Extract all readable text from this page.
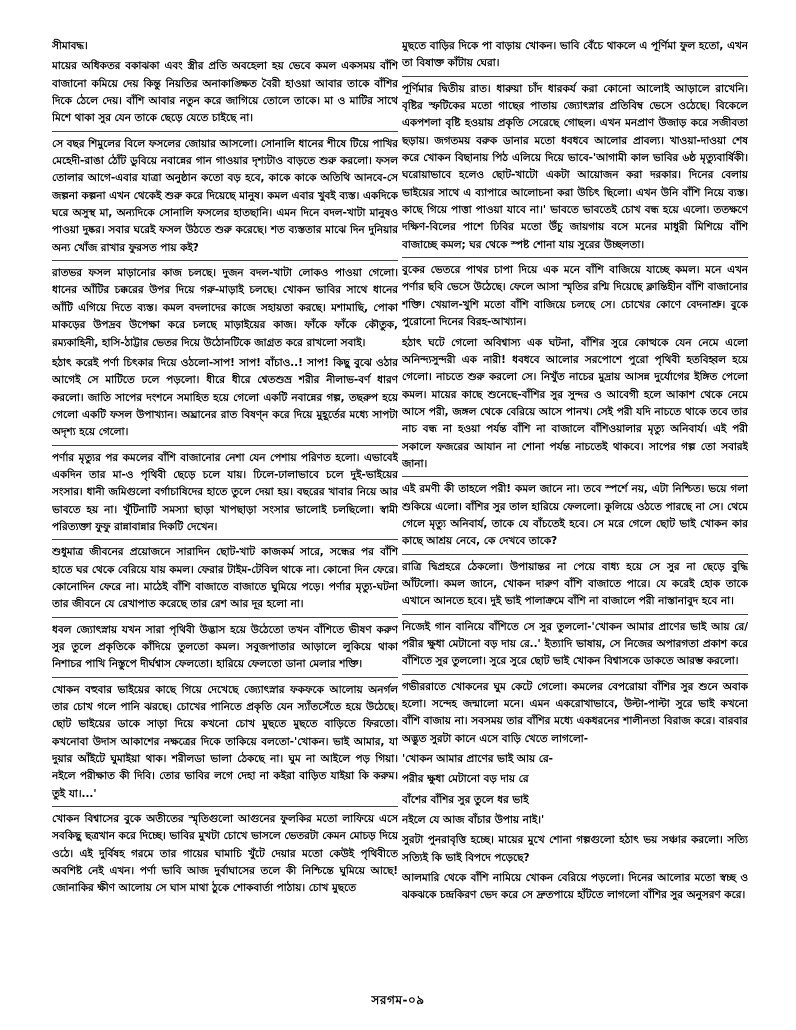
সীমাবদ্ধ।

মায়ের অধিকতর বকাঝকা এবং স্ত্রীর প্রতি অবহেলা হয় ভেবে কমল একসময় বাঁশি বাজানো কমিয়ে দেয় কিন্তু নিয়তির অনাকাঙ্ক্ষিত বৈরী হাওয়া আবার তাকে বাঁশির দিকে ঠেলে দেয়। বাঁশি আবার নতুন করে জাগিয়ে তোলে তাকে। মা ও মাটির সাথে মিশে থাকা সুর যেন তাকে ছেড়ে যেতে চাইছে না।

সে বছর শিমুলের বিলে ফসলের জোয়ার আসলো। সোনালি ধানের শীষে টিয়ে পাখির মেহেদী-রাঙা ঠোঁট ডুবিয়ে নবান্নের গান গাওয়ার দৃশ্যটাও বাড়তে শুরু করলো। ফসল তোলার আগে-এবার যাত্রা অনুষ্ঠান কতো বড় হবে, কাকে কাকে অতিথি আনবে-সে জল্পনা কল্পনা এখন থেকেই শুরু করে দিয়েছে মানুষ। কমল এবার খুবই ব্যস্ত। একদিকে ঘরে অসুস্থ মা, অন্যদিকে সোনালি ফসলের হাতছানি। এমন দিনে বদল-খাটা মানুষও পাওয়া দুষ্কর। সবার ঘরেই ফসল উঠতে শুরু করেছে। শত ব্যস্ততার মাঝে দিন দুনিয়ার অন্য খোঁজ রাখার ফুরসত পায় কই?

রাতভর ফসল মাড়ানোর কাজ চলছে। দুজন বদল-খাটা লোকও পাওয়া গেলো। ধানের আঁটির চক্করের উপর দিয়ে গরু-মাড়াই চলছে। খোকন ভাবির সাথে ধানের আঁটি এগিয়ে দিতে ব্যস্ত। কমল বদলাদের কাজে সহায়তা করছে। মশামাছি, পোকা মাকড়ের উপদ্রব উপেক্ষা করে চলছে মাড়াইয়ের কাজ। ফাঁকে ফাঁকে কৌতুক, রম্যকাহিনী, হাসি-ঠাট্টার ভেতর দিয়ে উঠোনটিকে জাগ্রত করে রাখলো সবাই।

হঠাৎ করেই পর্ণা চিৎকার দিয়ে ওঠলো-সাপ! সাপ! বাঁচাও..! সাপ! কিছু বুঝে ওঠার আগেই সে মাটিতে ঢলে পড়লো। ধীরে ধীরে শ্বেতশুভ্র শরীর নীলাভ-বর্ণ ধারণ করলো। জাতি সাপের দংশনে সমাহিত হয়ে গেলো একটি নবান্নের গল্প, তছরুপ হয়ে গেলো একটি ফসল উপাখ্যান। অঘ্রানের রাত বিষণ্ন করে দিয়ে মুহূর্তের মধ্যে সাপটা অদৃশ্য হয়ে গেলো।

পর্ণার মৃত্যুর পর কমলের বাঁশি বাজানোর নেশা যেন পেশায় পরিণত হলো। এভাবেই একদিন তার মা-ও পৃথিবী ছেড়ে চলে যায়। ঢিলে-ঢালাভাবে চলে দুই-ভাইয়ের সংসার। ধানী জমিগুলো বর্গাচাষিদের হাতে তুলে দেয়া হয়। বছরের খাবার নিয়ে আর ভাবতে হয় না। খুঁটিনাটি সমস্যা ছাড়া খাপছাড়া সংসার ভালোই চলছিলো। স্বামী পরিত্যক্তা ফুফু রান্নাবান্নার দিকটি দেখেন।

শুধুমাত্র জীবনের প্রয়োজনে সারাদিন ছোট-খাট কাজকর্ম সারে, সন্ধের পর বাঁশি হাতে ঘর থেকে বেরিয়ে যায় কমল। ফেরার টাইম-টেবিল থাকে না। কোনো দিন ফেরে। কোনোদিন ফেরে না। মাঠেই বাঁশি বাজাতে বাজাতে ঘুমিয়ে পড়ে। পর্ণার মৃত্যু-ঘটনা তার জীবনে যে রেখাপাত করেছে তার রেশ আর দূর হলো না।

ধবল জ্যোৎস্নায় যখন সারা পৃথিবী উদ্ভাস হয়ে উঠেতো তখন বাঁশিতে ভীষণ করুণ সুর তুলে প্রকৃতিকে কাঁদিয়ে তুলতো কমল। সবুজপাতার আড়ালে লুকিয়ে থাকা নিশাচর পাখি নিস্তুপে দীর্ঘশ্বাস ফেলতো। হারিয়ে ফেলতো ডানা মেলার শক্তি।

খোকন বহুবার ভাইয়ের কাছে গিয়ে দেখেছে জ্যোৎস্নার ফকফকে আলোয় অনর্গল তার চোখ গলে পানি ঝরছে। চোখের পানিতে প্রকৃতি যেন স্যাঁতসেঁতে হয়ে উঠেছে। ছোট ভাইয়ের ডাকে সাড়া দিয়ে কখনো চোখ মুছতে মুছতে বাড়িতে ফিরতো। কখনোবা উদাস আকাশের নক্ষত্রের দিকে তাকিয়ে বলতো-'খোকন। ভাই আমার, যা দুয়ার আঁইটে ঘুমাইয়া থাক। শরীলডা ভালা ঠেকছে না। ঘুম না আইলে পড় গিয়া। নইলে পরীক্ষাত কী দিবি। তোর ভাবির লগে দেহা না কইরা বাড়িত যাইয়া কি করুম। তুই যা।...'

খোকন বিশ্বাসের বুকে অতীতের স্মৃতিগুলো আগুনের ফুলকির মতো লাফিয়ে এসে সবকিছু ছত্রখান করে দিচ্ছে। ভাবির মুখটা চোখে ভাসলে ভেতরটা কেমন মোচড় দিয়ে ওঠে। এই দুর্বিষহ গরমে তার গায়ের ঘামাচি খুঁটে দেয়ার মতো কেউই পৃথিবীতে অবশিষ্ট নেই এখন। পর্ণা ভাবি আজ দুর্বাঘাসের তলে কী নিশ্চিন্তে ঘুমিয়ে আছে! জোনাকির ক্ষীণ আলোয় সে ঘাস মাথা ঠুকে শোকবার্তা পাঠায়। চোখ মুছতে

মুছতে বাড়ির দিকে পা বাড়ায় খোকন। ভাবি বেঁচে থাকলে এ পূর্ণিমা ফুল হতো, এখন তা বিষাক্ত কাঁটায় ঘেরা।

পূর্ণিমার দ্বিতীয় রাত। ধারুয়া চাঁদ ধারকর্য করা কোনো আলোই আড়ালে রাখেনি। বৃষ্টির স্ফটিকের মতো গাছের পাতায় জ্যোৎস্নার প্রতিবিম্ব ভেসে ওঠেছে। বিকেলে একপশলা বৃষ্টি হওয়ায় প্রকৃতি সেরেছে গোছল। এখন মনপ্রাণ উজাড় করে সজীবতা ছড়ায়। জগতময় বরুক ডানার মতো ধবধবে আলোর প্রাবল্য। খাওয়া-দাওয়া শেষ করে খোকন বিছানায় পিঠ এলিয়ে দিয়ে ভাবে-'আগামী কাল ভাবির ৬ষ্ঠ মৃত্যুবার্ষিকী। ঘরোয়াভাবে হলেও ছোট-খাটো একটা আয়োজন করা দরকার। দিনের বেলায় ভাইয়ের সাথে এ ব্যাপারে আলোচনা করা উচিৎ ছিলো। এখন উনি বাঁশি নিয়ে ব্যস্ত। কাছে গিয়ে পাত্তা পাওয়া যাবে না।' ভাবতে ভাবতেই চোখ বন্ধ হয়ে এলো। ততক্ষণে দক্ষিণ-বিলের পাশে ঢিবির মতো উঁচু জায়গায় বসে মনের মাধুরী মিশিয়ে বাঁশি বাজাচ্ছে কমল; ঘর থেকে স্পষ্ট শোনা যায় সুরের উচ্ছলতা।

বুকের ভেতরে পাথর চাপা দিয়ে এক মনে বাঁশি বাজিয়ে যাচ্ছে কমল। মনে এখন পর্ণার ছবি ভেসে উঠেছে। ফেলে আসা স্মৃতির রশ্মি দিয়েছে ক্লান্তিহীন বাঁশি বাজানোর শক্তি। খেয়াল-খুশি মতো বাঁশি বাজিয়ে চলছে সে। চোখের কোণে বেদনাশ্রু। বুকে পুরোনো দিনের বিরহ-আখ্যান।

হঠাৎ ঘটে গেলো অবিশ্বাস্য এক ঘটনা, বাঁশির সুরে কোত্থকে যেন নেমে এলো অনিন্দ্যসুন্দরী এক নারী! ধবধবে আলোর সরপোশে পুরো পৃথিবী হতবিহ্বল হয়ে গেলো। নাচতে শুরু করলো সে। নিখুঁত নাচের মুদ্রায় আসন্ন দুর্যোগের ইঙ্গিত পেলো কমল। মায়ের কাছে শুনেছে-বাঁশির সুর সুন্দর ও আবেগী হলে আকাশ থেকে নেমে আসে পরী, জঙ্গল থেকে বেরিয়ে আসে পানখ। সেই পরী যদি নাচতে থাকে তবে তার নাচ বন্ধ না হওয়া পর্যন্ত বাঁশি না বাজালে বাঁশিওয়ালার মৃত্যু অনিবার্য। এই পরী সকালে ফজরের আযান না শোনা পর্যন্ত নাচতেই থাকবে। সাপের গল্প তো সবারই জানা।

এই রমণী কী তাহলে পরী! কমল জানে না। তবে স্পর্শে নয়, এটা নিশ্চিত। ভয়ে গলা শুকিয়ে এলো। বাঁশির সুর তাল হারিয়ে ফেললো। কুলিয়ে ওঠতে পারছে না সে। থেমে গেলে মৃত্যু অনিবার্য, তাকে যে বাঁচতেই হবে। সে মরে গেলে ছোট ভাই খোকন কার কাছে আশ্রয় নেবে, কে দেখবে তাকে?

রাত্রি দ্বিপ্রহরে ঠেকলো। উপায়ান্তর না পেয়ে বাধ্য হয়ে সে সুর না ছেড়ে বুদ্ধি আঁটলো। কমল জানে, খোকন দারুণ বাঁশি বাজাতে পারে। যে করেই হোক তাকে এখানে আনতে হবে। দুই ভাই পালাক্রমে বাঁশি না বাজালে পরী নাস্তানাবুদ হবে না।

নিজেই গান বানিয়ে বাঁশিতে সে সুর তুললো-'খোকন আমার প্রাণের ভাই আয় রে/পরীর ক্ষুধা মেটানো বড় দায় রে..' ইত্যাদি ভাষায়, সে নিজের অপারগতা প্রকাশ করে বাঁশিতে সুর তুললো। সুরে সুরে ছোট ভাই খোকন বিশ্বাসকে ডাকতে আরম্ভ করলো।

গভীররাতে খোকনের ঘুম কেটে গেলো। কমলের বেপরোয়া বাঁশির সুর শুনে অবাক হলো। সন্দেহ জন্মালো মনে। এমন একরোখাভাবে, উল্টা-পাল্টা সুরে ভাই কখনো বাঁশি বাজায় না। সবসময় তার বাঁশির মধ্যে একধরনের শালীনতা বিরাজ করে। বারবার অদ্ভুত সুরটা কানে এসে বাড়ি খেতে লাগলো-

'খোকন আমার প্রাণের ভাই আয় রে-

পরীর ক্ষুধা মেটানো বড় দায় রে

বাঁশের বাঁশির সুর তুলে ধর ভাই

নইলে যে আজ বাঁচার উপায় নাই।'

সুরটা পুনরাবৃত্তি হচ্ছে। মায়ের মুখে শোনা গল্পগুলো হঠাৎ ভয় সঞ্চার করলো। সত্যি সত্যিই কি ভাই বিপদে পড়েছে?

আলমারি থেকে বাঁশি নামিয়ে খোকন বেরিয়ে পড়লো। দিনের আলোর মতো স্বচ্ছ ও ঝকঝকে চন্দ্রকিরণ ভেদ করে সে দ্রুতপায়ে হাঁটতে লাগলো বাঁশির সুর অনুসরণ করে।

সরগম-০৯
